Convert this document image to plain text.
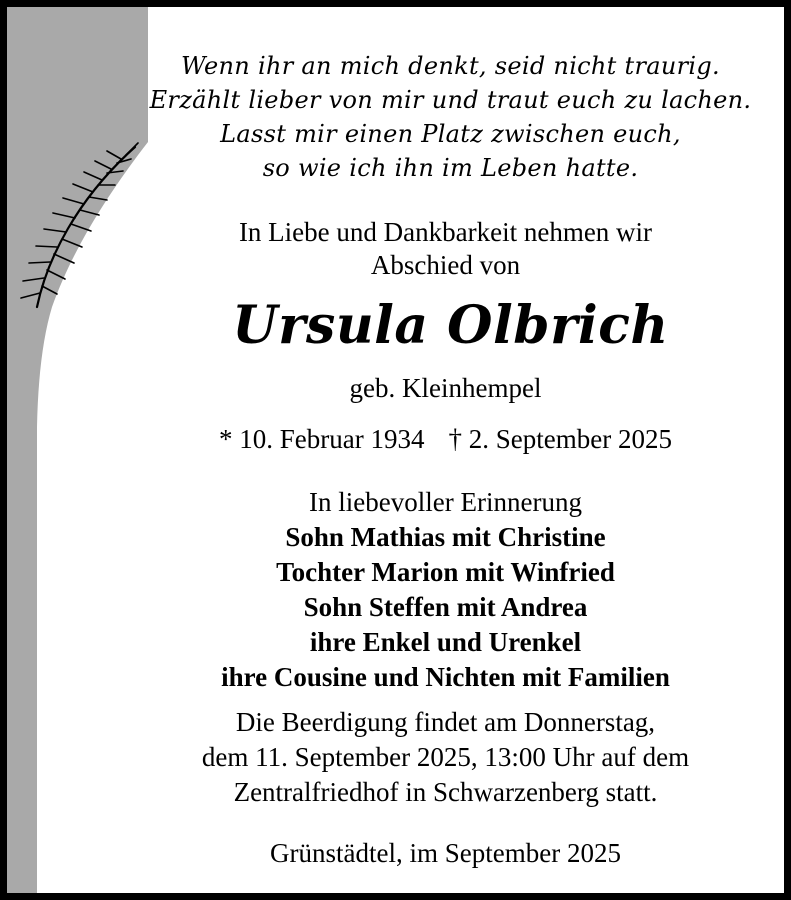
Wenn ihr an mich denkt, seid nicht traurig.

Erzählt lieber von mir und traut euch zu lachen.

Lasst mir einen Platz zwischen euch,

so wie ich ihn im Leben hatte.

In Liebe und Dankbarkeit nehmen wir

Abschied von

Ursula Olbrich

geb. Kleinhempel

* 10. Februar 1934 † 2. September 2025

In liebevoller Erinnerung

Sohn Mathias mit Christine

Tochter Marion mit Winfried

Sohn Steffen mit Andrea

ihre Enkel und Urenkel

ihre Cousine und Nichten mit Familien

Die Beerdigung findet am Donnerstag,

dem 11. September 2025, 13:00 Uhr auf dem

Zentralfriedhof in Schwarzenberg statt.

Grünstädtel, im September 2025
